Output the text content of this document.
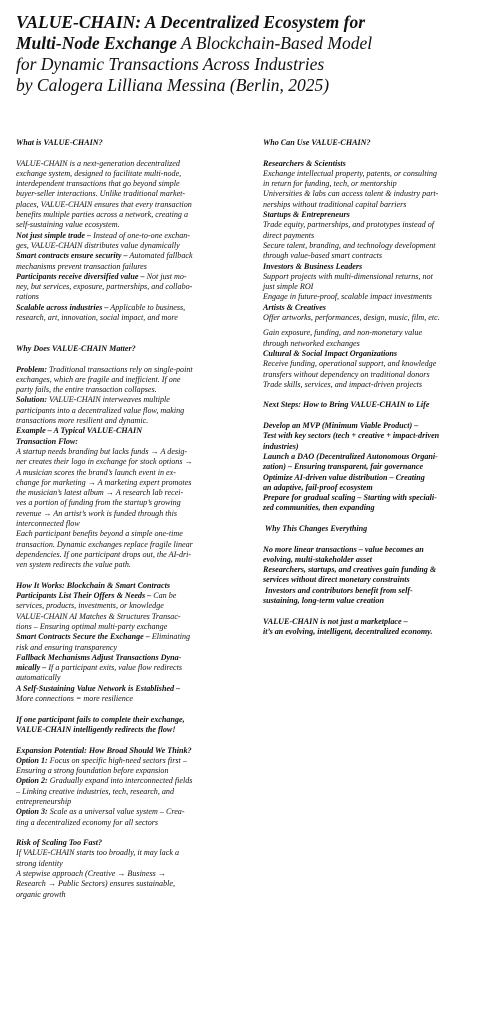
VALUE-CHAIN: A Decentralized Ecosystem for
Multi-Node Exchange A Blockchain-Based Model
for Dynamic Transactions Across Industries
by Calogera Lilliana Messina (Berlin, 2025)

What is VALUE-CHAIN?

VALUE-CHAIN is a next-generation decentralized

exchange system, designed to facilitate multi-node,

interdependent transactions that go beyond simple

buyer-seller interactions. Unlike traditional market-

places, VALUE-CHAIN ensures that every transaction

benefits multiple parties across a network, creating a

self-sustaining value ecosystem.

Not just simple trade – Instead of one-to-one exchan-

ges, VALUE-CHAIN distributes value dynamically

Smart contracts ensure security – Automated fallback

mechanisms prevent transaction failures

Participants receive diversified value – Not just mo-

ney, but services, exposure, partnerships, and collabo-

rations

Scalable across industries – Applicable to business,

research, art, innovation, social impact, and more

Why Does VALUE-CHAIN Matter?

Problem: Traditional transactions rely on single-point

exchanges, which are fragile and inefficient. If one

party fails, the entire transaction collapses.

Solution: VALUE-CHAIN interweaves multiple

participants into a decentralized value flow, making

transactions more resilient and dynamic.

Example – A Typical VALUE-CHAIN

Transaction Flow:

A startup needs branding but lacks funds → A desig-

ner creates their logo in exchange for stock options →

A musician scores the brand’s launch event in ex-

change for marketing → A marketing expert promotes

the musician’s latest album → A research lab recei-

ves a portion of funding from the startup’s growing

revenue → An artist’s work is funded through this

interconnected flow

Each participant benefits beyond a simple one-time

transaction. Dynamic exchanges replace fragile linear

dependencies. If one participant drops out, the AI-dri-

ven system redirects the value path.

How It Works: Blockchain & Smart Contracts

Participants List Their Offers & Needs – Can be

services, products, investments, or knowledge

VALUE-CHAIN AI Matches & Structures Transac-

tions – Ensuring optimal multi-party exchange

Smart Contracts Secure the Exchange – Eliminating

risk and ensuring transparency

Fallback Mechanisms Adjust Transactions Dyna-

mically – If a participant exits, value flow redirects

automatically

A Self-Sustaining Value Network is Established –

More connections = more resilience

If one participant fails to complete their exchange,

VALUE-CHAIN intelligently redirects the flow!

Expansion Potential: How Broad Should We Think?

Option 1: Focus on specific high-need sectors first –

Ensuring a strong foundation before expansion

Option 2: Gradually expand into interconnected fields

– Linking creative industries, tech, research, and

entrepreneurship

Option 3: Scale as a universal value system – Crea-

ting a decentralized economy for all sectors

Risk of Scaling Too Fast?

If VALUE-CHAIN starts too broadly, it may lack a

strong identity

A stepwise approach (Creative → Business →

Research → Public Sectors) ensures sustainable,

organic growth

Who Can Use VALUE-CHAIN?

Researchers & Scientists

Exchange intellectual property, patents, or consulting

in return for funding, tech, or mentorship

Universities & labs can access talent & industry part-

nerships without traditional capital barriers

Startups & Entrepreneurs

Trade equity, partnerships, and prototypes instead of

direct payments

Secure talent, branding, and technology development

through value-based smart contracts

Investors & Business Leaders

Support projects with multi-dimensional returns, not

just simple ROI

Engage in future-proof, scalable impact investments

Artists & Creatives

Offer artworks, performances, design, music, film, etc.

Gain exposure, funding, and non-monetary value

through networked exchanges

Cultural & Social Impact Organizations

Receive funding, operational support, and knowledge

transfers without dependency on traditional donors

Trade skills, services, and impact-driven projects

Next Steps: How to Bring VALUE-CHAIN to Life

Develop an MVP (Minimum Viable Product) –

Test with key sectors (tech + creative + impact-driven

industries)

Launch a DAO (Decentralized Autonomous Organi-

zation) – Ensuring transparent, fair governance

Optimize AI-driven value distribution – Creating

an adaptive, fail-proof ecosystem

Prepare for gradual scaling – Starting with speciali-

zed communities, then expanding

Why This Changes Everything

No more linear transactions – value becomes an

evolving, multi-stakeholder asset

Researchers, startups, and creatives gain funding &

services without direct monetary constraints

Investors and contributors benefit from self-

sustaining, long-term value creation

VALUE-CHAIN is not just a marketplace –

it’s an evolving, intelligent, decentralized economy.
